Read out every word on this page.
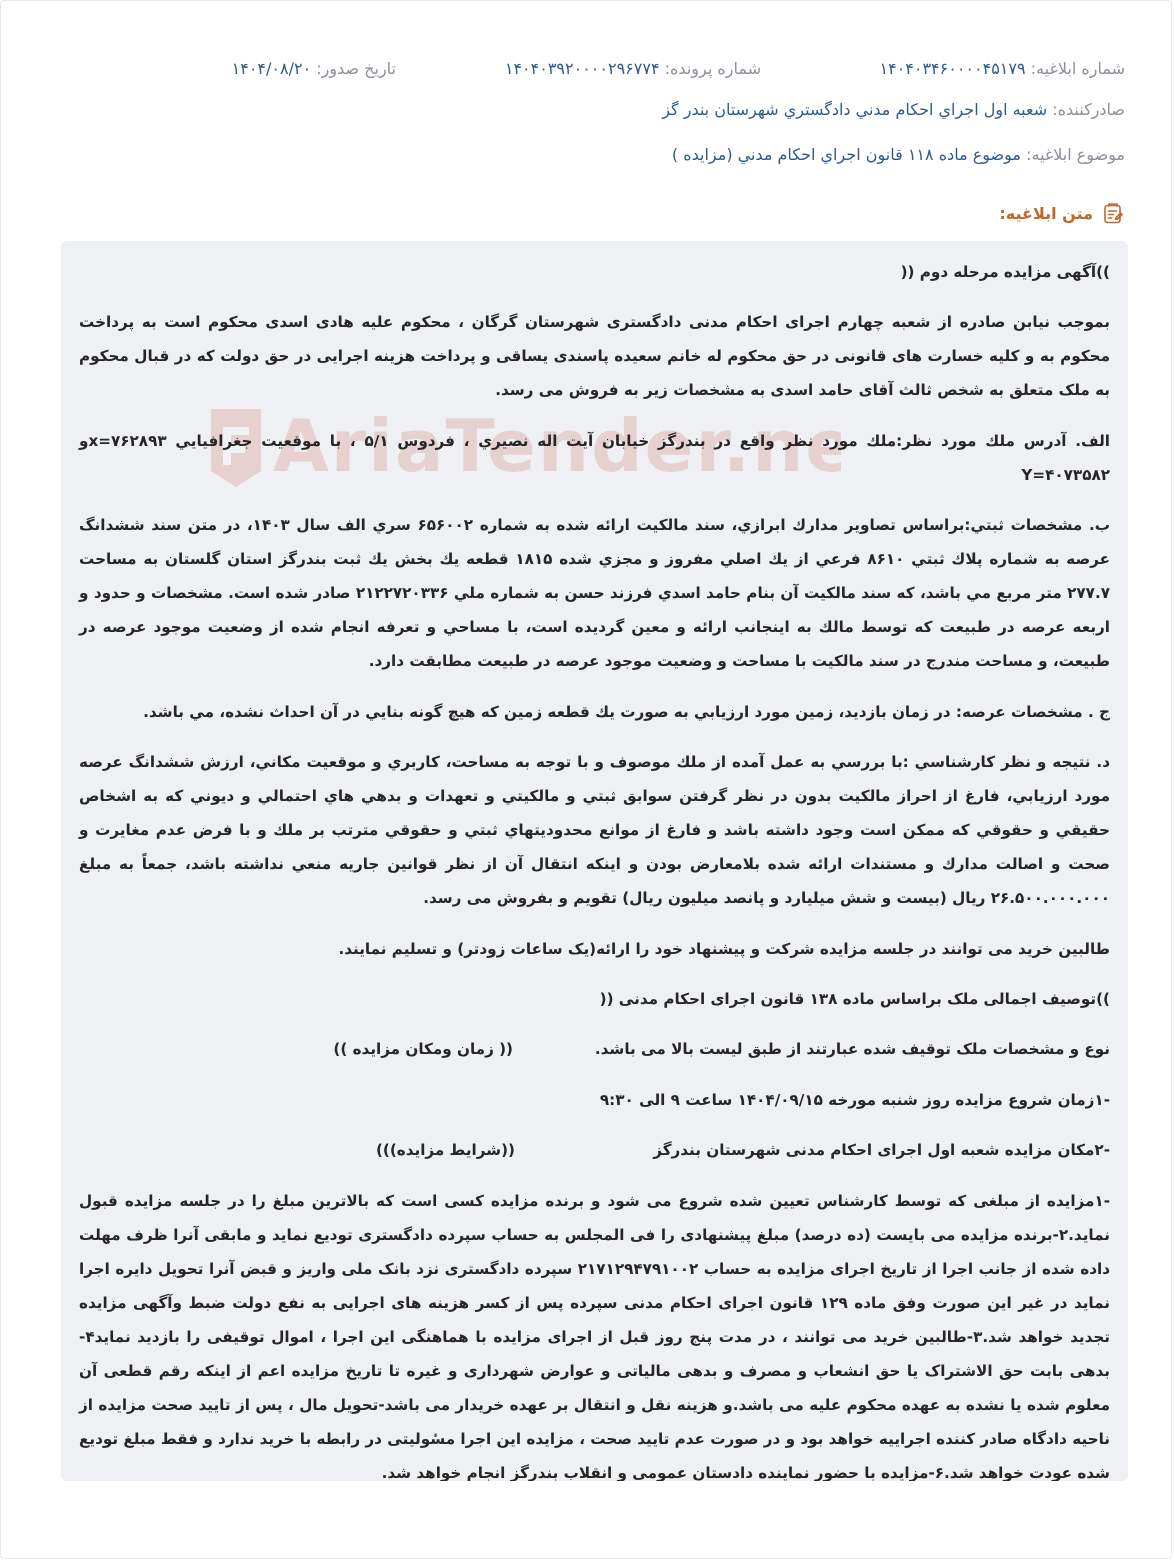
شماره ابلاغیه: ۱۴۰۴۰۳۴۶۰۰۰۰۴۵۱۷۹
شماره پرونده: ۱۴۰۴۰۳۹۲۰۰۰۰۲۹۶۷۷۴
تاریخ صدور: ۱۴۰۴/۰۸/۲۰
صادرکننده: شعبه اول اجراي احكام مدني دادگستري شهرستان بندر گز
موضوع ابلاغیه: موضوع ماده ۱۱۸ قانون اجراي احكام مدني (مزايده )
متن ابلاغیه:
AriaTender.ne

))آگهی مزایده مرحله دوم ((

بموجب نیابن صادره از شعبه چهارم اجرای احکام مدنی دادگستری شهرستان گرگان ، محکوم علیه هادی اسدی محکوم است به پرداخت محکوم به و کلیه خسارت های قانونی در حق محکوم له خانم سعیده پاسندی یساقی و پرداخت هزینه اجرایی در حق دولت که در قبال محکوم به ملک متعلق به شخص ثالث آقای حامد اسدی به مشخصات زیر به فروش می رسد.

الف. آدرس ملك مورد نظر:ملك مورد نظر واقع در بندرگز خيابان آيت اله نصيري ، فردوس ۵/۱ ، با موقعيت جغرافيايي ۷۶۲۸۹۳=xو ۴۰۷۳۵۸۲=Y

ب. مشخصات ثبتي:براساس تصاوير مدارك ابرازي، سند مالكيت ارائه شده به شماره ۶۵۶۰۰۲ سري الف سال ۱۴۰۳، در متن سند ششدانگ عرصه به شماره پلاك ثبتي ۸۶۱۰ فرعي از يك اصلي مفروز و مجزي شده ۱۸۱۵ قطعه يك بخش يك ثبت بندرگز استان گلستان به مساحت ۲۷۷.۷ متر مربع مي باشد، كه سند مالكيت آن بنام حامد اسدي فرزند حسن به شماره ملي ۲۱۲۲۷۲۰۳۳۶ صادر شده است. مشخصات و حدود و اربعه عرصه در طبيعت كه توسط مالك به اينجانب ارائه و معين گرديده است، با مساحي و تعرفه انجام شده از وضعيت موجود عرصه در طبيعت، و مساحت مندرج در سند مالكيت با مساحت و وضعيت موجود عرصه در طبيعت مطابقت دارد.

ج . مشخصات عرصه: در زمان بازديد، زمين مورد ارزيابي به صورت يك قطعه زمين كه هيچ گونه بنايي در آن احداث نشده، مي باشد.

د. نتيجه و نظر كارشناسي :با بررسي به عمل آمده از ملك موصوف و با توجه به مساحت، كاربري و موقعيت مكاني، ارزش ششدانگ عرصه مورد ارزيابي، فارغ از احراز مالكيت بدون در نظر گرفتن سوابق ثبتي و مالكيتي و تعهدات و بدهي هاي احتمالي و ديوني كه به اشخاص حقيقي و حقوقي كه ممكن است وجود داشته باشد و فارغ از موانع محدوديتهاي ثبتي و حقوقي مترتب بر ملك و با فرض عدم مغايرت و صحت و اصالت مدارك و مستندات ارائه شده بلامعارض بودن و اينكه انتقال آن از نظر قوانين جاريه منعي نداشته باشد، جمعاً به مبلغ ۲۶.۵۰۰.۰۰۰.۰۰۰ ريال (بيست و شش ميليارد و پانصد ميليون ريال) تقويم و بفروش می رسد.

طالبين خريد می توانند در جلسه مزايده شركت و پيشنهاد خود را ارائه(يک ساعات زودتر) و تسليم نمايند.

))توصيف اجمالی ملک براساس ماده ۱۳۸ قانون اجرای احکام مدنی ((

نوع و مشخصات ملک توقيف شده عبارتند از طبق ليست بالا می باشد.
(( زمان ومکان مزايده ))

-۱زمان شروع مزايده روز شنبه مورخه ۱۴۰۴/۰۹/۱۵ ساعت ۹ الی ۹:۳۰

-۲مکان مزايده شعبه اول اجرای احکام مدنی شهرستان بندرگز
((شرايط مزايده)))

-۱مزايده از مبلغی که توسط کارشناس تعيين شده شروع می شود و برنده مزايده کسی است که بالاترين مبلغ را در جلسه مزايده قبول نمايد.۲-برنده مزايده می بايست (ده درصد) مبلغ پيشنهادی را فی المجلس به حساب سپرده دادگستری توديع نمايد و مابقی آنرا ظرف مهلت داده شده از جانب اجرا از تاريخ اجرای مزايده به حساب ۲۱۷۱۲۹۴۷۹۱۰۰۲ سپرده دادگستری نزد بانک ملی واريز و قبض آنرا تحويل دايره اجرا نمايد در غير اين صورت وفق ماده ۱۲۹ قانون اجرای احکام مدنی سپرده پس از کسر هزينه های اجرايی به نفع دولت ضبط وآگهی مزايده تجديد خواهد شد.۳-طالبين خريد می توانند ، در مدت پنج روز قبل از اجرای مزايده با هماهنگی اين اجرا ، اموال توقيفی را بازديد نمايد۴-بدهی بابت حق الاشتراک يا حق انشعاب و مصرف و بدهی مالياتی و عوارض شهرداری و غيره تا تاريخ مزايده اعم از اينکه رقم قطعی آن معلوم شده يا نشده به عهده محکوم عليه می باشد.و هزينه نقل و انتقال بر عهده خريدار می باشد-تحويل مال ، پس از تاييد صحت مزايده از ناحيه دادگاه صادر کننده اجراييه خواهد بود و در صورت عدم تاييد صحت ، مزايده اين اجرا مسٔوليتی در رابطه با خريد ندارد و فقط مبلغ توديع شده عودت خواهد شد.۶-مزايده با حضور نماينده دادستان عمومی و انقلاب بندرگز انجام خواهد شد.
